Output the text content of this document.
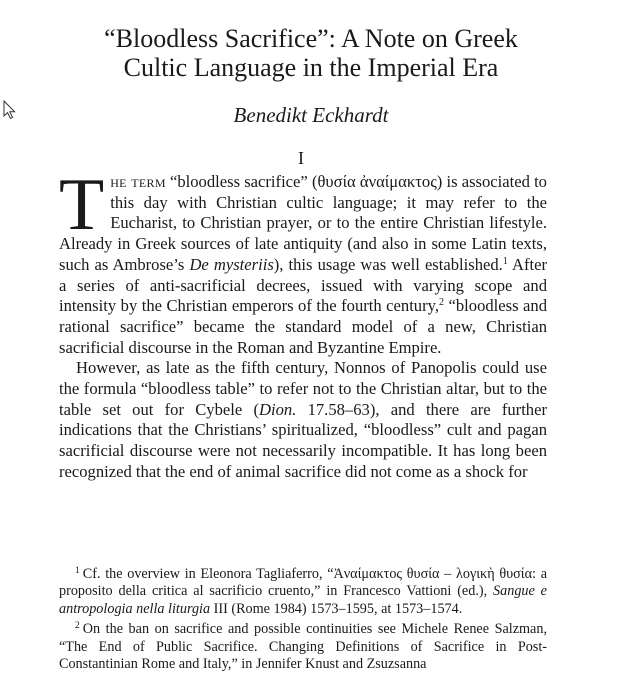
“Bloodless Sacrifice”: A Note on Greek
Cultic Language in the Imperial Era
Benedikt Eckhardt
I

The term “bloodless sacrifice” (θυσία ἀναίμακτος) is associated to this day with Christian cultic language; it may refer to the Eucharist, to Christian prayer, or to the entire Christian lifestyle. Already in Greek sources of late antiquity (and also in some Latin texts, such as Ambrose’s De mysteriis), this usage was well established.$^1$ After a series of anti-sacrificial decrees, issued with varying scope and intensity by the Christian emperors of the fourth century,$^2$ “bloodless and rational sacrifice” became the standard model of a new, Christian sacrificial discourse in the Roman and Byzantine Empire.

However, as late as the fifth century, Nonnos of Panopolis could use the formula “bloodless table” to refer not to the Christian altar, but to the table set out for Cybele (Dion. 17.58–63), and there are further indications that the Christians’ spiritualized, “bloodless” cult and pagan sacrificial discourse were not necessarily incompatible. It has long been recognized that the end of animal sacrifice did not come as a shock for

$^1$ Cf. the overview in Eleonora Tagliaferro, “Ἀναίμακτος θυσία – λογικὴ θυσία: a proposito della critica al sacrificio cruento,” in Francesco Vattioni (ed.), Sangue e antropologia nella liturgia III (Rome 1984) 1573–1595, at 1573–1574.

$^2$ On the ban on sacrifice and possible continuities see Michele Renee Salzman, “The End of Public Sacrifice. Changing Definitions of Sacrifice in Post-Constantinian Rome and Italy,” in Jennifer Knust and Zsuzsanna
